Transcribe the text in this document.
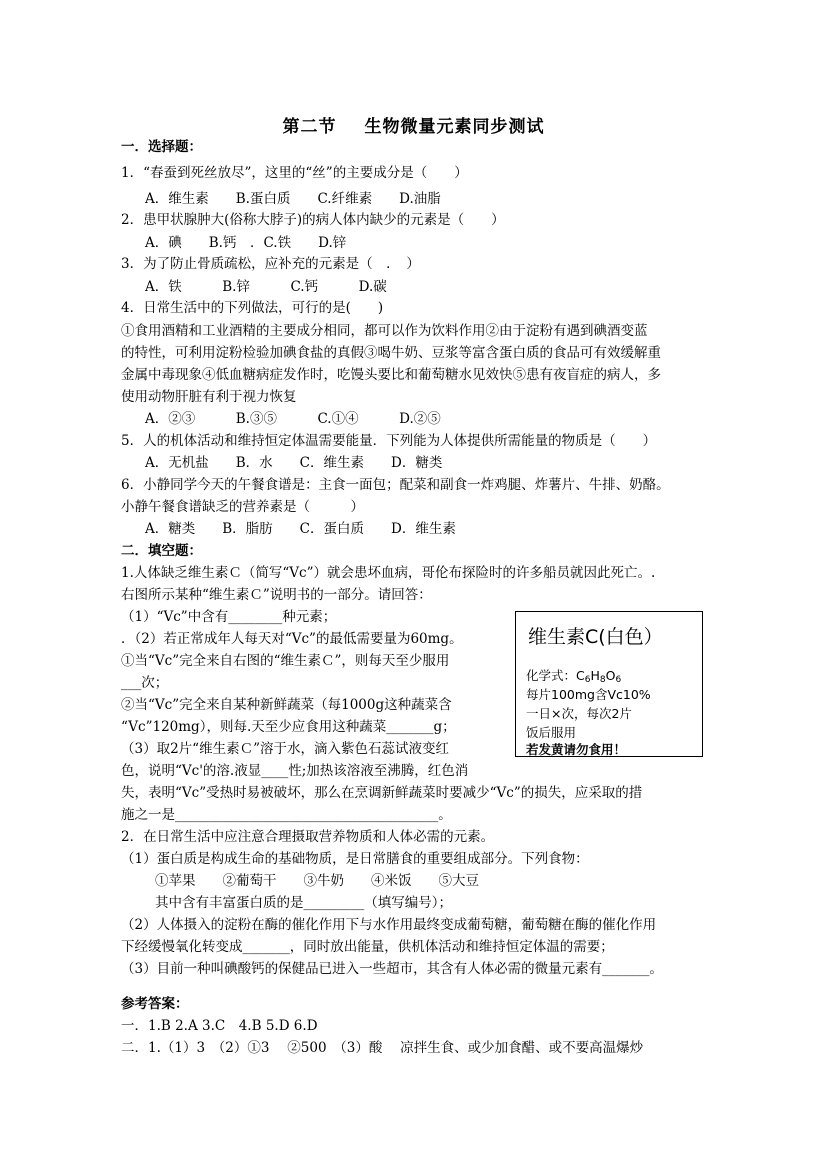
第二节 生物微量元素同步测试
一．选择题：
1．“春蚕到死丝放尽”，这里的“丝”的主要成分是（　　）
A．维生素　　B.蛋白质　　C.纤维素　　D.油脂
2．患甲状腺肿大(俗称大脖子)的病人体内缺少的元素是（　　）
A．碘　　B.钙　．C.铁　　D.锌
3．为了防止骨质疏松，应补充的元素是（　．　）
A．铁　　　B.锌　　　C.钙　　　D.碳
4．日常生活中的下列做法，可行的是(　　)
①食用酒精和工业酒精的主要成分相同，都可以作为饮料作用②由于淀粉有遇到碘酒变蓝
的特性，可利用淀粉检验加碘食盐的真假③喝牛奶、豆浆等富含蛋白质的食品可有效缓解重
金属中毒现象④低血糖病症发作时，吃馒头要比和葡萄糖水见效快⑤患有夜盲症的病人，多
使用动物肝脏有利于视力恢复
A．②③　　　B.③⑤　　　C.①④　　　D.②⑤
5．人的机体活动和维持恒定体温需要能量．下列能为人体提供所需能量的物质是（　　）
A．无机盐　　B．水　　C．维生素　　D．糖类
6．小静同学今天的午餐食谱是：主食一面包；配菜和副食一炸鸡腿、炸薯片、牛排、奶酪。
小静午餐食谱缺乏的营养素是（　　　）
A．糖类　　B．脂肪　　C．蛋白质　　D．维生素
二．填空题：
1.人体缺乏维生素Ｃ（简写“Vc”）就会患坏血病，哥伦布探险时的许多船员就因此死亡。.
右图所示某种“维生素Ｃ”说明书的一部分。请回答：
（1）“Vc”中含有________种元素；
．（2）若正常成年人每天对“Vc”的最低需要量为60mg。
①当“Vc”完全来自右图的“维生素Ｃ”，则每天至少服用
___次；
②当“Vc”完全来自某种新鲜蔬菜（每1000g这种蔬菜含
“Vc”120mg），则每.天至少应食用这种蔬菜_______g；
（3）取2片“维生素Ｃ”溶于水，滴入紫色石蕊试液变红
色，说明“Vc'的溶.液显____性;加热该溶液至沸腾，红色消
失，表明“Vc”受热时易被破坏，那么在烹调新鲜蔬菜时要减少“Vc”的损失，应采取的措
施之一是_______________________________________。
2．在日常生活中应注意合理摄取营养物质和人体必需的元素。
（1）蛋白质是构成生命的基础物质，是日常膳食的重要组成部分。下列食物：
①苹果　　②葡萄干　　③牛奶　　④米饭　　⑤大豆
其中含有丰富蛋白质的是_________（填写编号）；
（2）人体摄入的淀粉在酶的催化作用下与水作用最终变成葡萄糖，葡萄糖在酶的催化作用
下经缓慢氧化转变成_______，同时放出能量，供机体活动和维持恒定体温的需要；
（3）目前一种叫碘酸钙的保健品已进入一些超市，其含有人体必需的微量元素有_______。
参考答案：
一．1.B 2.A 3.C　4.B 5.D 6.D
二．1.（1）3　（2）①3　 ②500　（3）酸　 凉拌生食、或少加食醋、或不要高温爆炒
维生素C(白色）
化学式：$C_6H_8O_6$
每片100mg含Vc10%
一日×次，每次2片
饭后服用
若发黄请勿食用！
